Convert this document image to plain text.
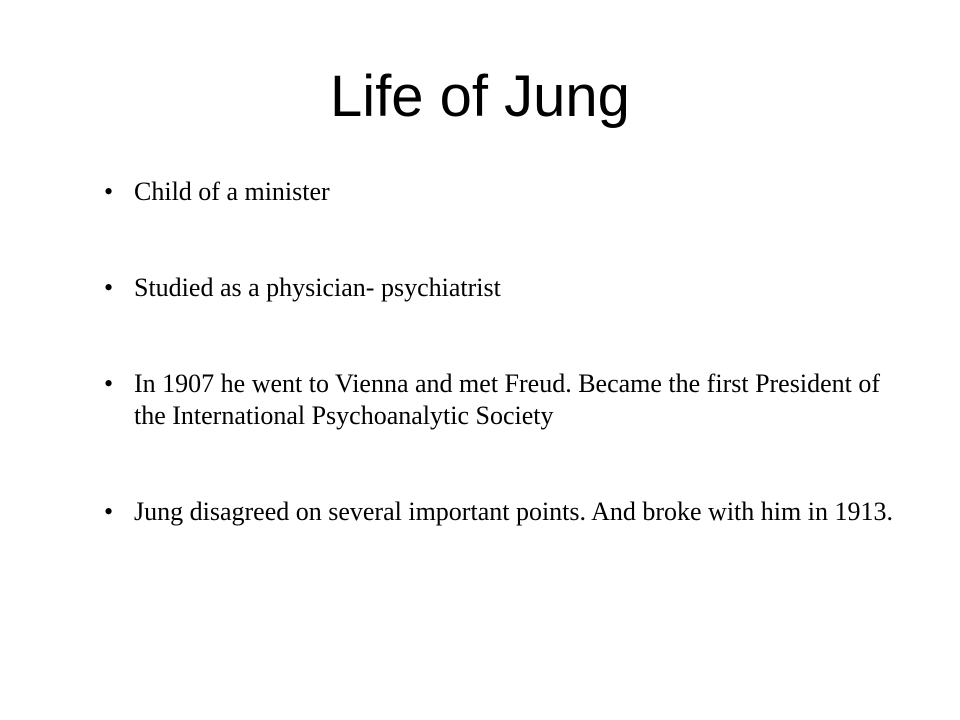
Life of Jung
• Child of a minister
• Studied as a physician- psychiatrist
• In 1907 he went to Vienna and met Freud. Became the first President of the International Psychoanalytic Society
• Jung disagreed on several important points. And broke with him in 1913.
